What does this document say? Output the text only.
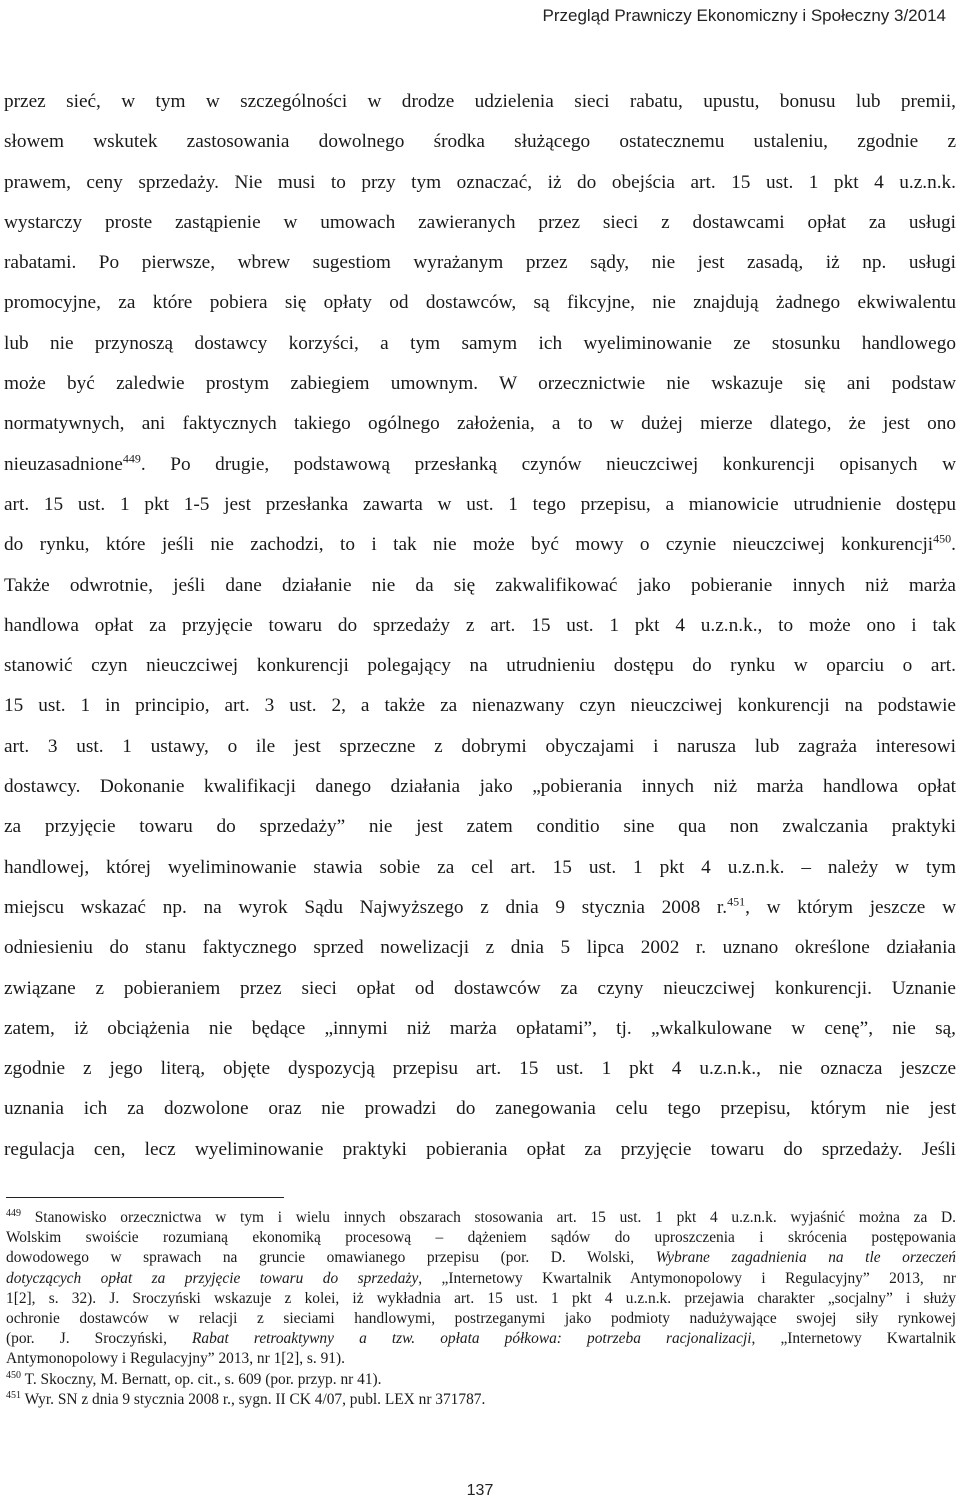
Przegląd Prawniczy Ekonomiczny i Społeczny 3/2014
przez sieć, w tym w szczególności w drodze udzielenia sieci rabatu, upustu, bonusu lub premii,
słowem wskutek zastosowania dowolnego środka służącego ostatecznemu ustaleniu, zgodnie z
prawem, ceny sprzedaży. Nie musi to przy tym oznaczać, iż do obejścia art. 15 ust. 1 pkt 4 u.z.n.k.
wystarczy proste zastąpienie w umowach zawieranych przez sieci z dostawcami opłat za usługi
rabatami. Po pierwsze, wbrew sugestiom wyrażanym przez sądy, nie jest zasadą, iż np. usługi
promocyjne, za które pobiera się opłaty od dostawców, są fikcyjne, nie znajdują żadnego ekwiwalentu
lub nie przynoszą dostawcy korzyści, a tym samym ich wyeliminowanie ze stosunku handlowego
może być zaledwie prostym zabiegiem umownym. W orzecznictwie nie wskazuje się ani podstaw
normatywnych, ani faktycznych takiego ogólnego założenia, a to w dużej mierze dlatego, że jest ono
nieuzasadnione$^{449}$. Po drugie, podstawową przesłanką czynów nieuczciwej konkurencji opisanych w
art. 15 ust. 1 pkt 1-5 jest przesłanka zawarta w ust. 1 tego przepisu, a mianowicie utrudnienie dostępu
do rynku, które jeśli nie zachodzi, to i tak nie może być mowy o czynie nieuczciwej konkurencji$^{450}$.
Także odwrotnie, jeśli dane działanie nie da się zakwalifikować jako pobieranie innych niż marża
handlowa opłat za przyjęcie towaru do sprzedaży z art. 15 ust. 1 pkt 4 u.z.n.k., to może ono i tak
stanowić czyn nieuczciwej konkurencji polegający na utrudnieniu dostępu do rynku w oparciu o art.
15 ust. 1 in principio, art. 3 ust. 2, a także za nienazwany czyn nieuczciwej konkurencji na podstawie
art. 3 ust. 1 ustawy, o ile jest sprzeczne z dobrymi obyczajami i narusza lub zagraża interesowi
dostawcy. Dokonanie kwalifikacji danego działania jako „pobierania innych niż marża handlowa opłat
za przyjęcie towaru do sprzedaży” nie jest zatem conditio sine qua non zwalczania praktyki
handlowej, której wyeliminowanie stawia sobie za cel art. 15 ust. 1 pkt 4 u.z.n.k. – należy w tym
miejscu wskazać np. na wyrok Sądu Najwyższego z dnia 9 stycznia 2008 r.$^{451}$, w którym jeszcze w
odniesieniu do stanu faktycznego sprzed nowelizacji z dnia 5 lipca 2002 r. uznano określone działania
związane z pobieraniem przez sieci opłat od dostawców za czyny nieuczciwej konkurencji. Uznanie
zatem, iż obciążenia nie będące „innymi niż marża opłatami”, tj. „wkalkulowane w cenę”, nie są,
zgodnie z jego literą, objęte dyspozycją przepisu art. 15 ust. 1 pkt 4 u.z.n.k., nie oznacza jeszcze
uznania ich za dozwolone oraz nie prowadzi do zanegowania celu tego przepisu, którym nie jest
regulacja cen, lecz wyeliminowanie praktyki pobierania opłat za przyjęcie towaru do sprzedaży. Jeśli
$^{449}$ Stanowisko orzecznictwa w tym i wielu innych obszarach stosowania art. 15 ust. 1 pkt 4 u.z.n.k. wyjaśnić można za D.
Wolskim swoiście rozumianą ekonomiką procesową – dążeniem sądów do uproszczenia i skrócenia postępowania
dowodowego w sprawach na gruncie omawianego przepisu (por. D. Wolski, Wybrane zagadnienia na tle orzeczeń
dotyczących opłat za przyjęcie towaru do sprzedaży, „Internetowy Kwartalnik Antymonopolowy i Regulacyjny” 2013, nr
1[2], s. 32). J. Sroczyński wskazuje z kolei, iż wykładnia art. 15 ust. 1 pkt 4 u.z.n.k. przejawia charakter „socjalny” i służy
ochronie dostawców w relacji z sieciami handlowymi, postrzeganymi jako podmioty nadużywające swojej siły rynkowej
(por. J. Sroczyński, Rabat retroaktywny a tzw. opłata półkowa: potrzeba racjonalizacji, „Internetowy Kwartalnik
Antymonopolowy i Regulacyjny” 2013, nr 1[2], s. 91).
$^{450}$ T. Skoczny, M. Bernatt, op. cit., s. 609 (por. przyp. nr 41).
$^{451}$ Wyr. SN z dnia 9 stycznia 2008 r., sygn. II CK 4/07, publ. LEX nr 371787.
137
